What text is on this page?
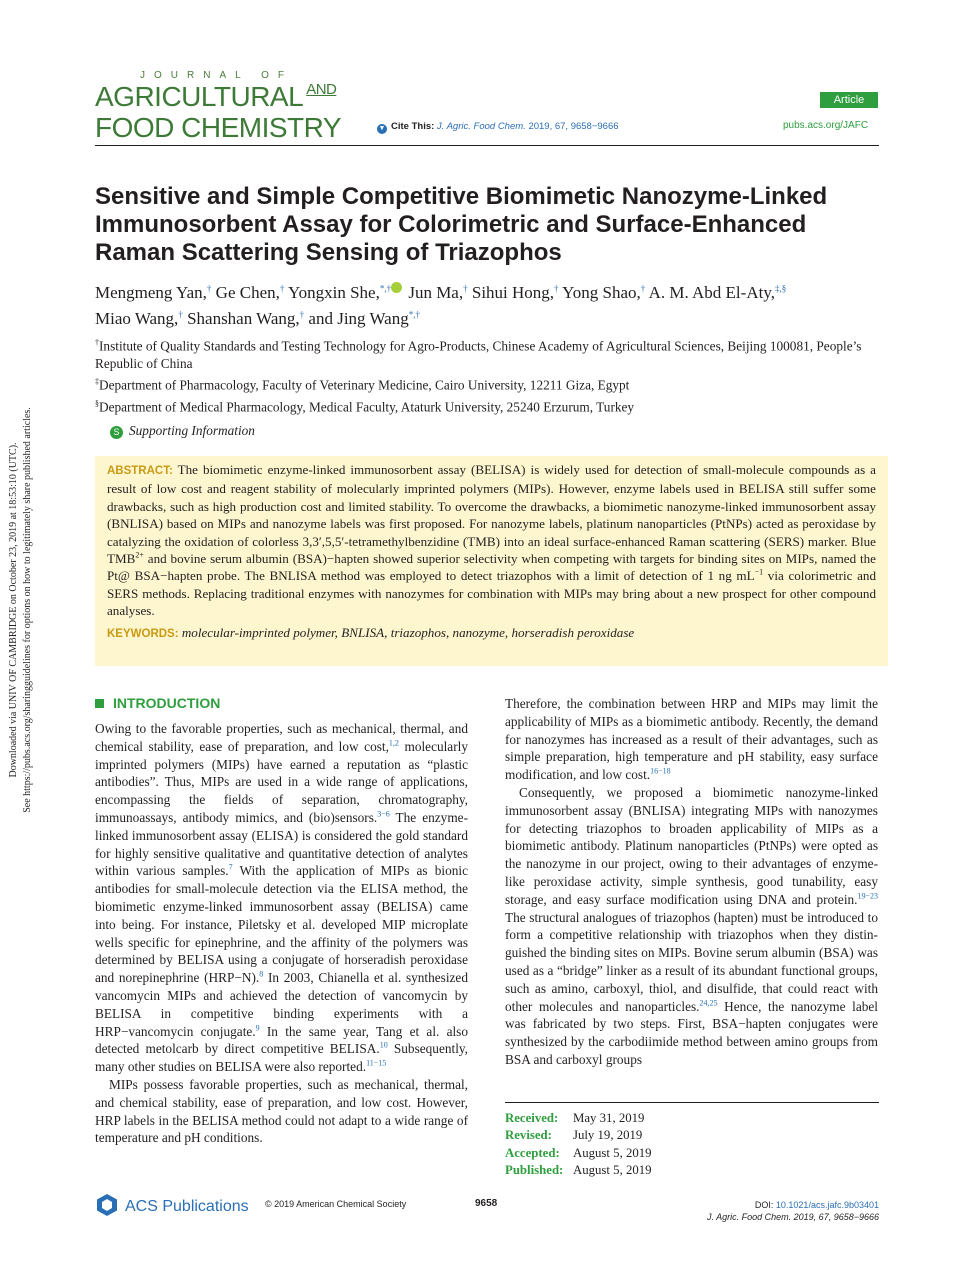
JOURNAL OF
AGRICULTURAL AND
FOOD CHEMISTRY
Article
▼ Cite This: J. Agric. Food Chem. 2019, 67, 9658−9666	pubs.acs.org/JAFC
Downloaded via UNIV OF CAMBRIDGE on October 23, 2019 at 18:53:10 (UTC). See https://pubs.acs.org/sharingguidelines for options on how to legitimately share published articles.
Sensitive and Simple Competitive Biomimetic Nanozyme-Linked Immunosorbent Assay for Colorimetric and Surface-Enhanced Raman Scattering Sensing of Triazophos
Mengmeng Yan,† Ge Chen,† Yongxin She,*,† Jun Ma,† Sihui Hong,† Yong Shao,† A. M. Abd El-Aty,‡,§
Miao Wang,† Shanshan Wang,† and Jing Wang*,†
†Institute of Quality Standards and Testing Technology for Agro-Products, Chinese Academy of Agricultural Sciences, Beijing 100081, People’s Republic of China
‡Department of Pharmacology, Faculty of Veterinary Medicine, Cairo University, 12211 Giza, Egypt
§Department of Medical Pharmacology, Medical Faculty, Ataturk University, 25240 Erzurum, Turkey
S Supporting Information
ABSTRACT: The biomimetic enzyme-linked immunosorbent assay (BELISA) is widely used for detection of small-molecule compounds as a result of low cost and reagent stability of molecularly imprinted polymers (MIPs). However, enzyme labels used in BELISA still suffer some drawbacks, such as high production cost and limited stability. To overcome the drawbacks, a biomimetic nanozyme-linked immunosorbent assay (BNLISA) based on MIPs and nanozyme labels was first proposed. For nanozyme labels, platinum nanoparticles (PtNPs) acted as peroxidase by catalyzing the oxidation of colorless 3,3′,5,5′-tetramethylbenzidine (TMB) into an ideal surface-enhanced Raman scattering (SERS) marker. Blue $TMB^{2+}$ and bovine serum albumin (BSA)−hapten showed superior selectivity when competing with targets for binding sites on MIPs, named the Pt@ BSA−hapten probe. The BNLISA method was employed to detect triazophos with a limit of detection of 1 ng $mL^{-1}$ via colorimetric and SERS methods. Replacing traditional enzymes with nanozymes for combination with MIPs may bring about a new prospect for other compound analyses.
KEYWORDS: molecular-imprinted polymer, BNLISA, triazophos, nanozyme, horseradish peroxidase
INTRODUCTION

Owing to the favorable properties, such as mechanical, thermal, and chemical stability, ease of preparation, and low cost,$^{1,2}$ molecularly imprinted polymers (MIPs) have earned a reputation as “plastic antibodies”. Thus, MIPs are used in a wide range of applications, encompassing the fields of separation, chromatography, immunoassays, antibody mimics, and (bio)sensors.$^{3-6}$ The enzyme-linked immunosorbent assay (ELISA) is considered the gold standard for highly sensitive qualitative and quantitative detection of analytes within various samples.$^7$ With the application of MIPs as bionic antibodies for small-molecule detection via the ELISA method, the biomimetic enzyme-linked immunosorbent assay (BELISA) came into being. For instance, Piletsky et al. developed MIP microplate wells specific for epinephrine, and the affinity of the polymers was determined by BELISA using a conjugate of horseradish peroxidase and norepinephrine (HRP−N).$^8$ In 2003, Chianella et al. synthesized vancomycin MIPs and achieved the detection of vancomycin by BELISA in competitive binding experiments with a HRP−vancomycin conjugate.$^9$ In the same year, Tang et al. also detected metolcarb by direct competitive BELISA.$^{10}$ Subsequently, many other studies on BELISA were also reported.$^{11-15}$

MIPs possess favorable properties, such as mechanical, thermal, and chemical stability, ease of preparation, and low cost. However, HRP labels in the BELISA method could not adapt to a wide range of temperature and pH conditions.

Therefore, the combination between HRP and MIPs may limit the applicability of MIPs as a biomimetic antibody. Recently, the demand for nanozymes has increased as a result of their advantages, such as simple preparation, high temperature and pH stability, easy surface modification, and low cost.$^{16-18}$

Consequently, we proposed a biomimetic nanozyme-linked immunosorbent assay (BNLISA) integrating MIPs with nanozymes for detecting triazophos to broaden applicability of MIPs as a biomimetic antibody. Platinum nanoparticles (PtNPs) were opted as the nanozyme in our project, owing to their advantages of enzyme-like peroxidase activity, simple synthesis, good tunability, easy storage, and easy surface modification using DNA and protein.$^{19-23}$ The structural analogues of triazophos (hapten) must be introduced to form a competitive relationship with triazophos when they distin-guished the binding sites on MIPs. Bovine serum albumin (BSA) was used as a “bridge” linker as a result of its abundant functional groups, such as amino, carboxyl, thiol, and disulfide, that could react with other molecules and nanoparticles.$^{24,25}$ Hence, the nanozyme label was fabricated by two steps. First, BSA−hapten conjugates were synthesized by the carbodiimide method between amino groups from BSA and carboxyl groups

Received: May 31, 2019
Revised: July 19, 2019
Accepted: August 5, 2019
Published: August 5, 2019
ACS Publications © 2019 American Chemical Society	9658	DOI: 10.1021/acs.jafc.9b03401
J. Agric. Food Chem. 2019, 67, 9658−9666
